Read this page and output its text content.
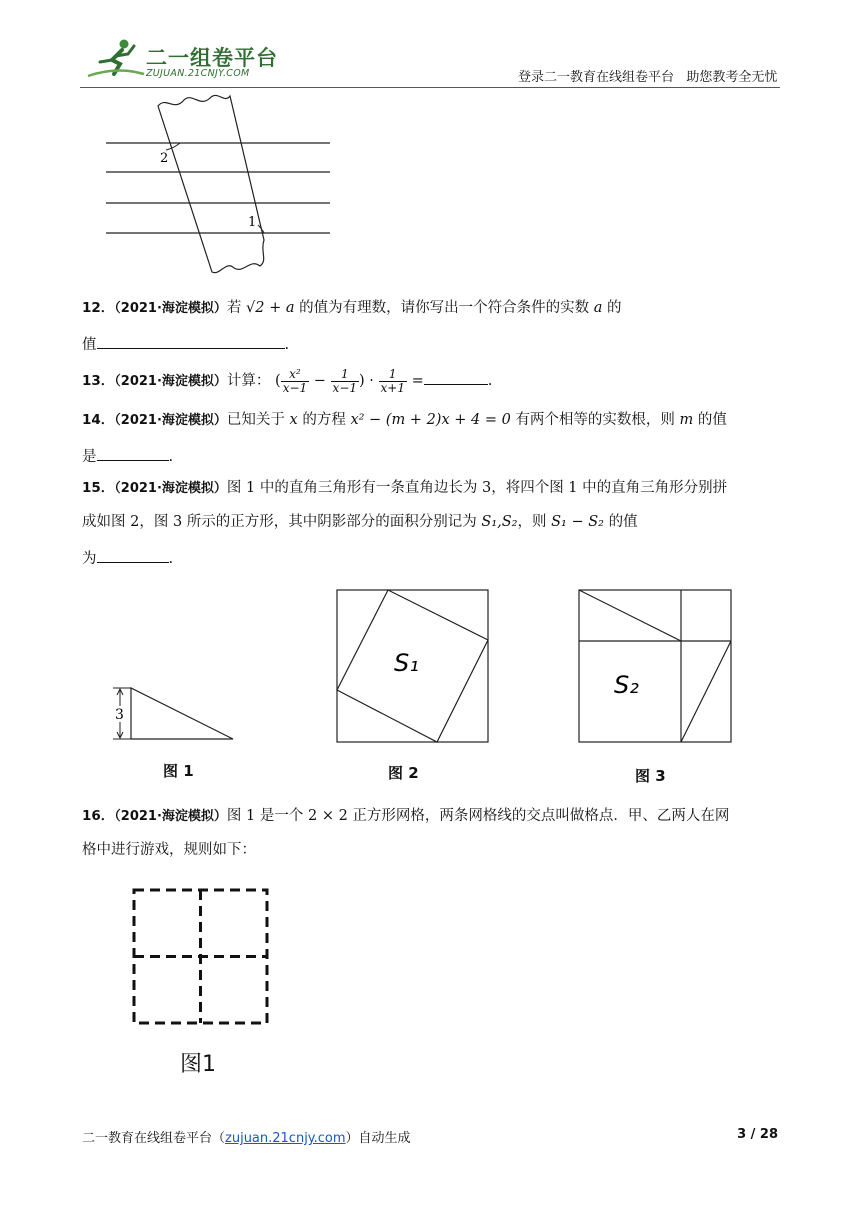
二一组卷平台
ZUJUAN.21CNJY.COM	登录二一教育在线组卷平台 助您教考全无忧
2
1
12．（2021·海淀模拟）若 √2 + a 的值为有理数，请你写出一个符合条件的实数 a 的
值	.
13．（2021·海淀模拟）计算： ( $\frac{\text{x²}}{x-1} - \frac{1}{x-1}$ ) · $\frac{1}{x+1}$ =	.
14．（2021·海淀模拟）已知关于 x 的方程 x² − (m + 2)x + 4 = 0 有两个相等的实数根，则 m 的值
是	.
15．（2021·海淀模拟）图 1 中的直角三角形有一条直角边长为 3，将四个图 1 中的直角三角形分别拼
成如图 2，图 3 所示的正方形，其中阴影部分的面积分别记为 S₁,S₂，则 S₁ − S₂ 的值
为	.
3
图 1
S₁
图 2
S₂
图 3
16．（2021·海淀模拟）图 1 是一个 2 × 2 正方形网格，两条网格线的交点叫做格点．甲、乙两人在网
格中进行游戏，规则如下：
图1
二一教育在线组卷平台（zujuan.21cnjy.com）自动生成	3 / 28
